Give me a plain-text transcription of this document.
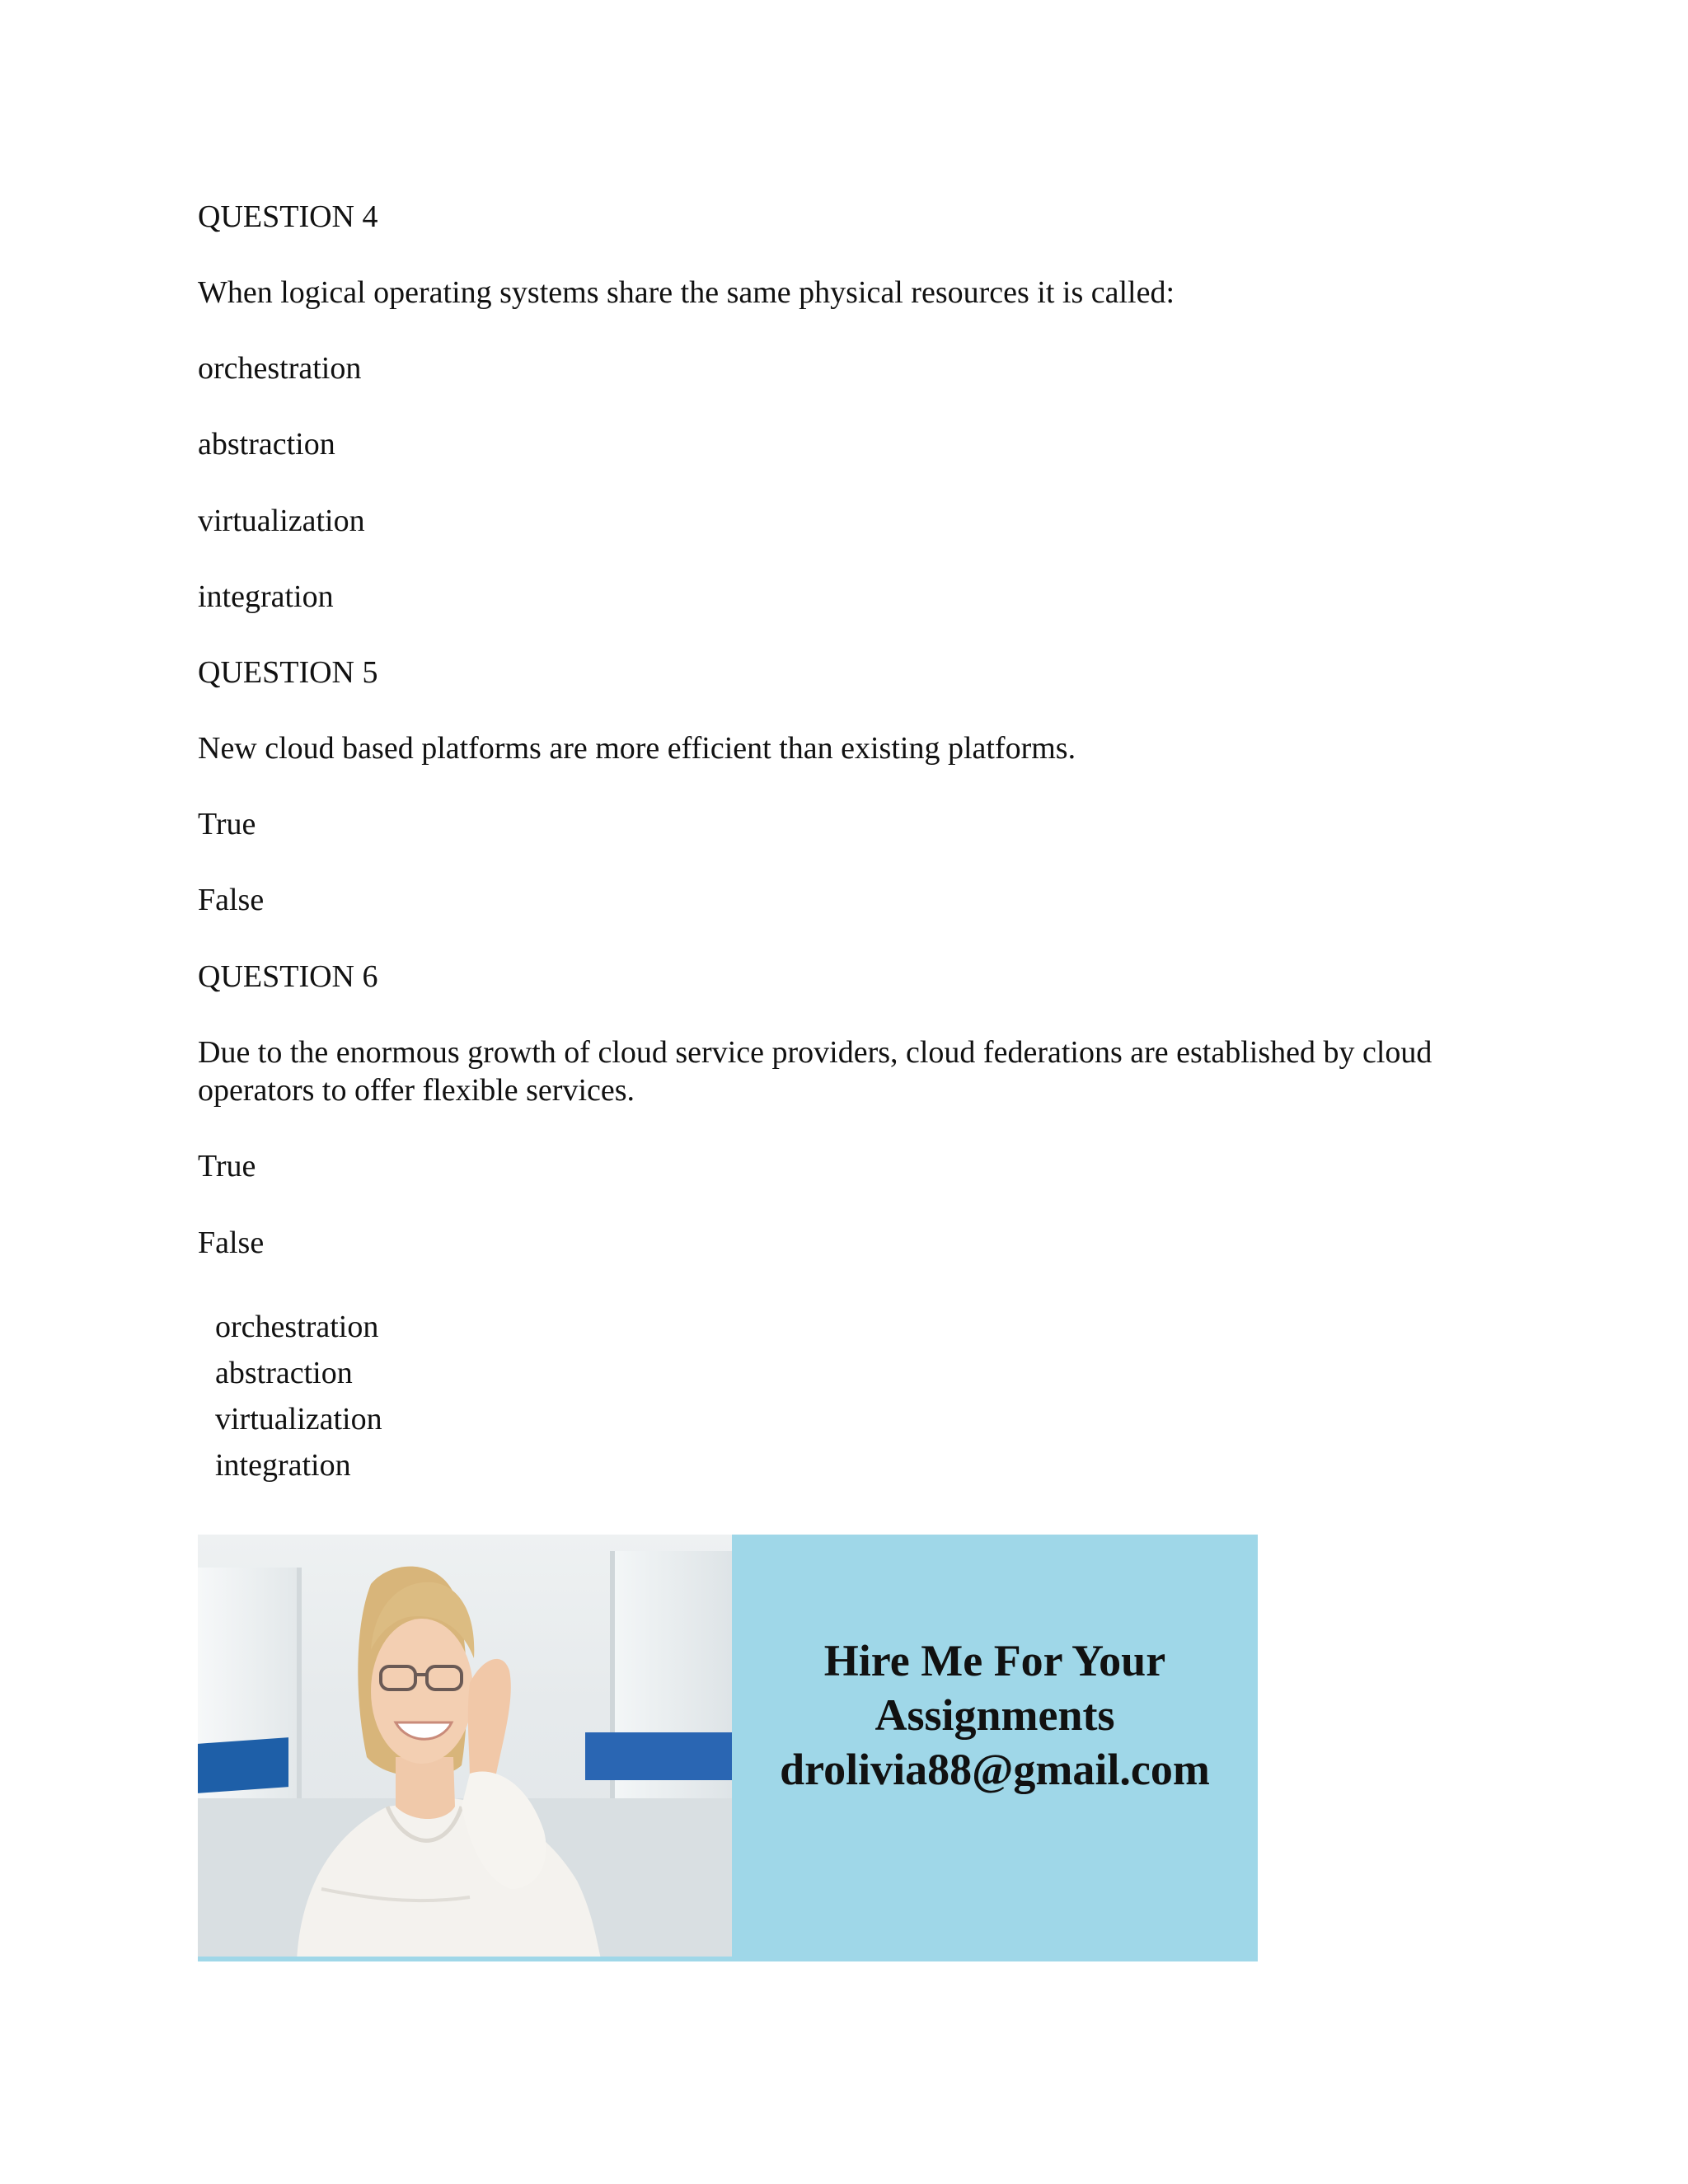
QUESTION 4

When logical operating systems share the same physical resources it is called:

orchestration

abstraction

virtualization

integration

QUESTION 5

New cloud based platforms are more efficient than existing platforms.

True

False

QUESTION 6

Due to the enormous growth of cloud service providers, cloud federations are established by cloud operators to offer flexible services.

True

False

orchestration

abstraction

virtualization

integration

Hire Me For Your
Assignments
drolivia88@gmail.com
